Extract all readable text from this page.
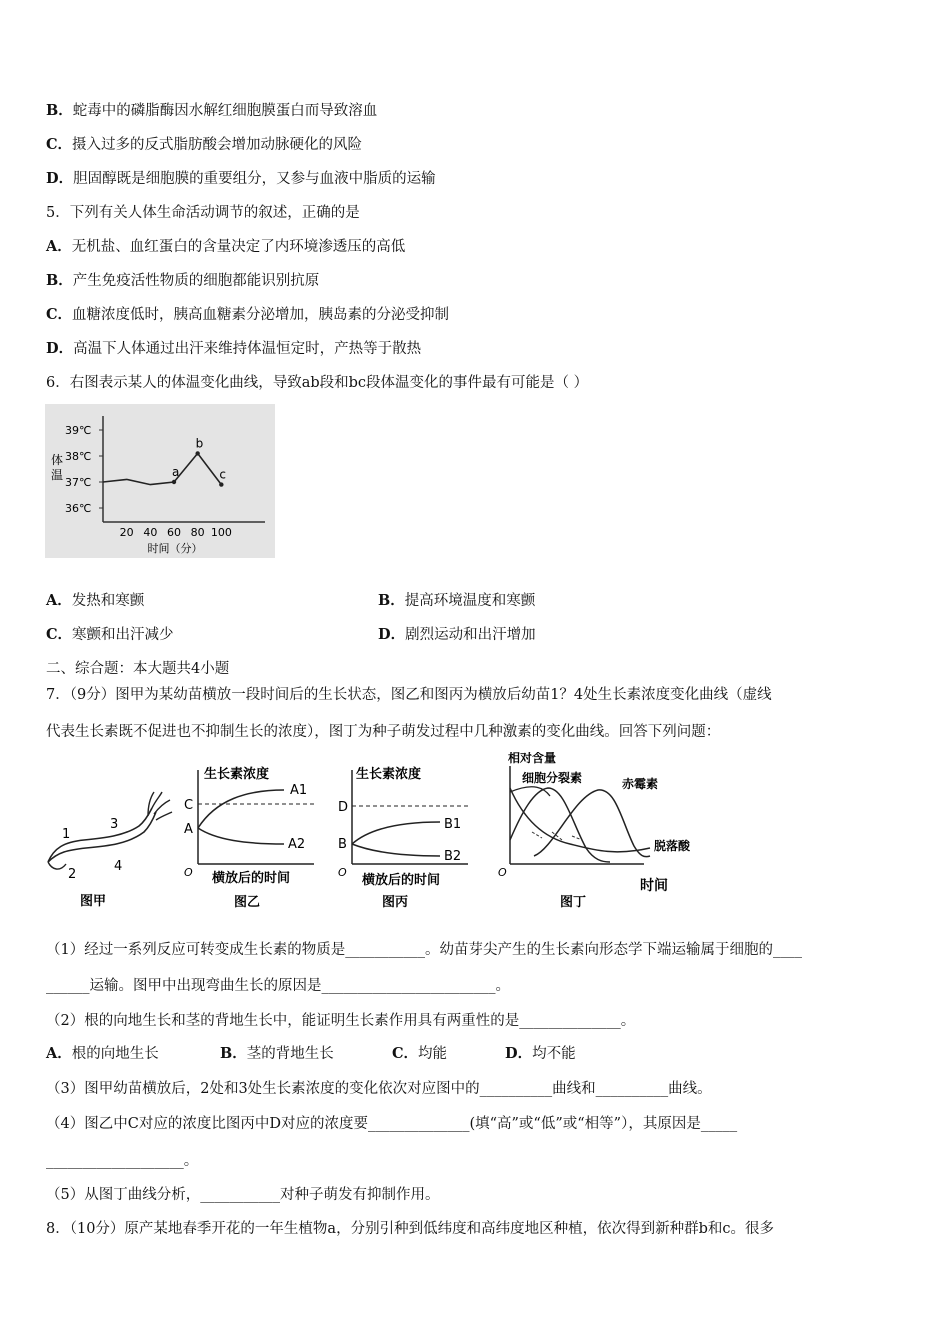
B．蛇毒中的磷脂酶因水解红细胞膜蛋白而导致溶血
C．摄入过多的反式脂肪酸会增加动脉硬化的风险
D．胆固醇既是细胞膜的重要组分，又参与血液中脂质的运输
5．下列有关人体生命活动调节的叙述，正确的是
A．无机盐、血红蛋白的含量决定了内环境渗透压的高低
B．产生免疫活性物质的细胞都能识别抗原
C．血糖浓度低时，胰高血糖素分泌增加，胰岛素的分泌受抑制
D．高温下人体通过出汗来维持体温恒定时，产热等于散热
6．右图表示某人的体温变化曲线，导致ab段和bc段体温变化的事件最有可能是（ ）
体
温
时间（分）
36℃
37℃
38℃
39℃
20 40 60 80 100
a
b
c
A．发热和寒颤	B．提高环境温度和寒颤
C．寒颤和出汗减少	D．剧烈运动和出汗增加
二、综合题：本大题共4小题
7．（9分）图甲为某幼苗横放一段时间后的生长状态，图乙和图丙为横放后幼苗1？4处生长素浓度变化曲线（虚线
代表生长素既不促进也不抑制生长的浓度），图丁为种子萌发过程中几种激素的变化曲线。回答下列问题：
1
2
3
4
图甲
生长素浓度
C
A
A1
A2
O 横放后的时间
图乙
生长素浓度
D
B
B1
B2
O
横放后的时间
图丙
相对含量
细胞分裂素	赤霉素
脱落酸
O
时间
图丁
（1）经过一系列反应可转变成生长素的物质是___________。幼苗芽尖产生的生长素向形态学下端运输属于细胞的____
______运输。图甲中出现弯曲生长的原因是________________________。
（2）根的向地生长和茎的背地生长中，能证明生长素作用具有两重性的是______________。
A．根的向地生长	B．茎的背地生长	C．均能	D．均不能
（3）图甲幼苗横放后，2处和3处生长素浓度的变化依次对应图中的__________曲线和__________曲线。
（4）图乙中C对应的浓度比图丙中D对应的浓度要______________(填“高”或“低”或“相等”），其原因是_____
___________________。
（5）从图丁曲线分析，___________对种子萌发有抑制作用。
8．（10分）原产某地春季开花的一年生植物a，分别引种到低纬度和高纬度地区种植，依次得到新种群b和c。很多
